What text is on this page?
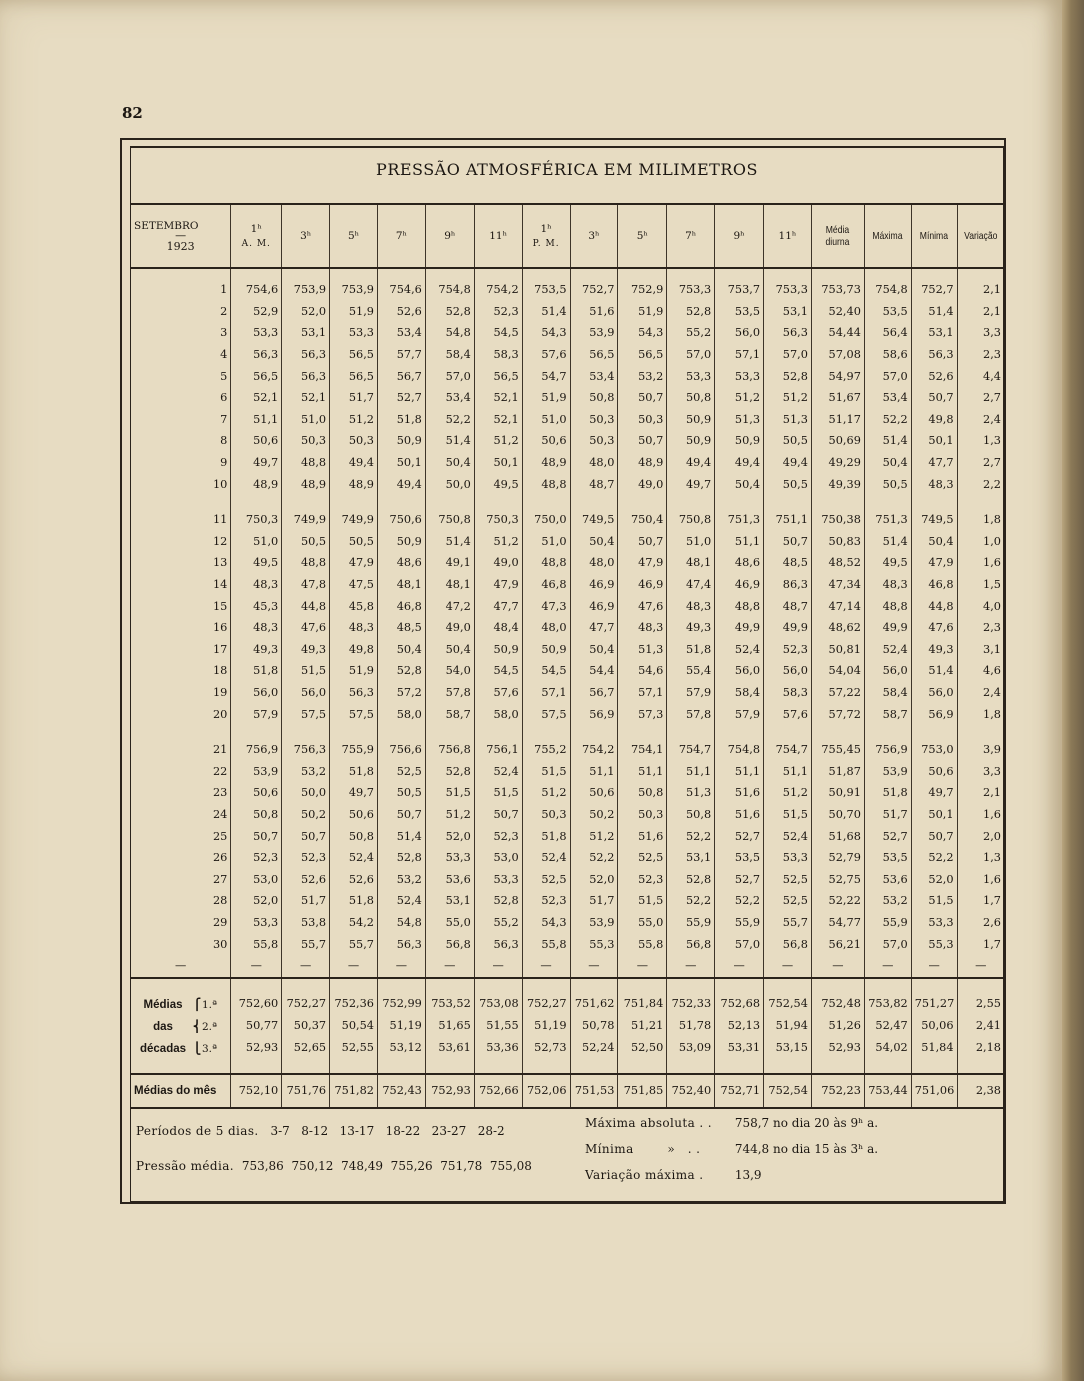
82
PRESSÃO ATMOSFÉRICA EM MILIMETROS
SETEMBRO
—
1923	1ʰ
A. M.	3ʰ	5ʰ	7ʰ	9ʰ	11ʰ	1ʰ
P. M.	3ʰ	5ʰ	7ʰ	9ʰ	11ʰ	Média
diurna	Máxima	Mínima	Variação

1	754,6	753,9	753,9	754,6	754,8	754,2	753,5	752,7	752,9	753,3	753,7	753,3	753,73	754,8	752,7	2,1
2	52,9	52,0	51,9	52,6	52,8	52,3	51,4	51,6	51,9	52,8	53,5	53,1	52,40	53,5	51,4	2,1
3	53,3	53,1	53,3	53,4	54,8	54,5	54,3	53,9	54,3	55,2	56,0	56,3	54,44	56,4	53,1	3,3
4	56,3	56,3	56,5	57,7	58,4	58,3	57,6	56,5	56,5	57,0	57,1	57,0	57,08	58,6	56,3	2,3
5	56,5	56,3	56,5	56,7	57,0	56,5	54,7	53,4	53,2	53,3	53,3	52,8	54,97	57,0	52,6	4,4
6	52,1	52,1	51,7	52,7	53,4	52,1	51,9	50,8	50,7	50,8	51,2	51,2	51,67	53,4	50,7	2,7
7	51,1	51,0	51,2	51,8	52,2	52,1	51,0	50,3	50,3	50,9	51,3	51,3	51,17	52,2	49,8	2,4
8	50,6	50,3	50,3	50,9	51,4	51,2	50,6	50,3	50,7	50,9	50,9	50,5	50,69	51,4	50,1	1,3
9	49,7	48,8	49,4	50,1	50,4	50,1	48,9	48,0	48,9	49,4	49,4	49,4	49,29	50,4	47,7	2,7
10	48,9	48,9	48,9	49,4	50,0	49,5	48,8	48,7	49,0	49,7	50,4	50,5	49,39	50,5	48,3	2,2

11	750,3	749,9	749,9	750,6	750,8	750,3	750,0	749,5	750,4	750,8	751,3	751,1	750,38	751,3	749,5	1,8
12	51,0	50,5	50,5	50,9	51,4	51,2	51,0	50,4	50,7	51,0	51,1	50,7	50,83	51,4	50,4	1,0
13	49,5	48,8	47,9	48,6	49,1	49,0	48,8	48,0	47,9	48,1	48,6	48,5	48,52	49,5	47,9	1,6
14	48,3	47,8	47,5	48,1	48,1	47,9	46,8	46,9	46,9	47,4	46,9	86,3	47,34	48,3	46,8	1,5
15	45,3	44,8	45,8	46,8	47,2	47,7	47,3	46,9	47,6	48,3	48,8	48,7	47,14	48,8	44,8	4,0
16	48,3	47,6	48,3	48,5	49,0	48,4	48,0	47,7	48,3	49,3	49,9	49,9	48,62	49,9	47,6	2,3
17	49,3	49,3	49,8	50,4	50,4	50,9	50,9	50,4	51,3	51,8	52,4	52,3	50,81	52,4	49,3	3,1
18	51,8	51,5	51,9	52,8	54,0	54,5	54,5	54,4	54,6	55,4	56,0	56,0	54,04	56,0	51,4	4,6
19	56,0	56,0	56,3	57,2	57,8	57,6	57,1	56,7	57,1	57,9	58,4	58,3	57,22	58,4	56,0	2,4
20	57,9	57,5	57,5	58,0	58,7	58,0	57,5	56,9	57,3	57,8	57,9	57,6	57,72	58,7	56,9	1,8

21	756,9	756,3	755,9	756,6	756,8	756,1	755,2	754,2	754,1	754,7	754,8	754,7	755,45	756,9	753,0	3,9
22	53,9	53,2	51,8	52,5	52,8	52,4	51,5	51,1	51,1	51,1	51,1	51,1	51,87	53,9	50,6	3,3
23	50,6	50,0	49,7	50,5	51,5	51,5	51,2	50,6	50,8	51,3	51,6	51,2	50,91	51,8	49,7	2,1
24	50,8	50,2	50,6	50,7	51,2	50,7	50,3	50,2	50,3	50,8	51,6	51,5	50,70	51,7	50,1	1,6
25	50,7	50,7	50,8	51,4	52,0	52,3	51,8	51,2	51,6	52,2	52,7	52,4	51,68	52,7	50,7	2,0
26	52,3	52,3	52,4	52,8	53,3	53,0	52,4	52,2	52,5	53,1	53,5	53,3	52,79	53,5	52,2	1,3
27	53,0	52,6	52,6	53,2	53,6	53,3	52,5	52,0	52,3	52,8	52,7	52,5	52,75	53,6	52,0	1,6
28	52,0	51,7	51,8	52,4	53,1	52,8	52,3	51,7	51,5	52,2	52,2	52,5	52,22	53,2	51,5	1,7
29	53,3	53,8	54,2	54,8	55,0	55,2	54,3	53,9	55,0	55,9	55,9	55,7	54,77	55,9	53,3	2,6
30	55,8	55,7	55,7	56,3	56,8	56,3	55,8	55,3	55,8	56,8	57,0	56,8	56,21	57,0	55,3	1,7
—	—	—	—	—	—	—	—	—	—	—	—	—	—	—	—	—

Médias ⎧1.ª	752,60	752,27	752,36	752,99	753,52	753,08	752,27	751,62	751,84	752,33	752,68	752,54	752,48	753,82	751,27	2,55
das ⎨2.ª	50,77	50,37	50,54	51,19	51,65	51,55	51,19	50,78	51,21	51,78	52,13	51,94	51,26	52,47	50,06	2,41
décadas ⎩3.ª	52,93	52,65	52,55	53,12	53,61	53,36	52,73	52,24	52,50	53,09	53,31	53,15	52,93	54,02	51,84	2,18

Médias do mês	752,10	751,76	751,82	752,43	752,93	752,66	752,06	751,53	751,85	752,40	752,71	752,54	752,23	753,44	751,06	2,38
Períodos de 5 dias. 3-7   8-12   13-17   18-22   23-27   28-2
Pressão média. 753,86  750,12  748,49  755,26  751,78  755,08
Máxima absoluta . . 758,7 no dia 20 às 9ʰ a.
Mínima        »   . .	744,8 no dia 15 às 3ʰ a.
Variação máxima .	13,9
